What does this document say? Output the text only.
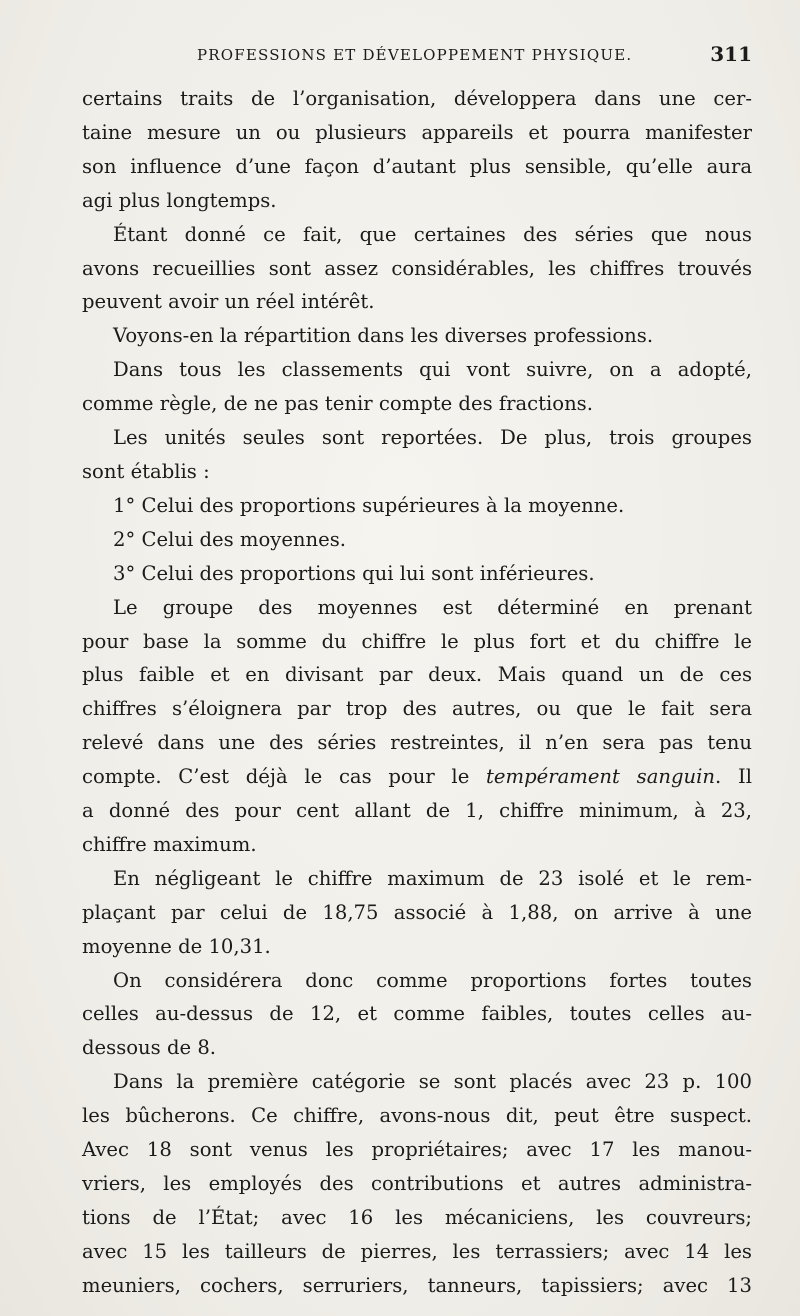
PROFESSIONS ET DÉVELOPPEMENT PHYSIQUE.	311

certains traits de l’organisation, développera dans une cer-
taine mesure un ou plusieurs appareils et pourra manifester
son influence d’une façon d’autant plus sensible, qu’elle aura
agi plus longtemps.

Étant donné ce fait, que certaines des séries que nous
avons recueillies sont assez considérables, les chiffres trouvés
peuvent avoir un réel intérêt.

Voyons-en la répartition dans les diverses professions.

Dans tous les classements qui vont suivre, on a adopté,
comme règle, de ne pas tenir compte des fractions.

Les unités seules sont reportées. De plus, trois groupes
sont établis :

1° Celui des proportions supérieures à la moyenne.

2° Celui des moyennes.

3° Celui des proportions qui lui sont inférieures.

Le groupe des moyennes est déterminé en prenant
pour base la somme du chiffre le plus fort et du chiffre le
plus faible et en divisant par deux. Mais quand un de ces
chiffres s’éloignera par trop des autres, ou que le fait sera
relevé dans une des séries restreintes, il n’en sera pas tenu
compte. C’est déjà le cas pour le tempérament sanguin. Il
a donné des pour cent allant de 1, chiffre minimum, à 23,
chiffre maximum.

En négligeant le chiffre maximum de 23 isolé et le rem-
plaçant par celui de 18,75 associé à 1,88, on arrive à une
moyenne de 10,31.

On considérera donc comme proportions fortes toutes
celles au-dessus de 12, et comme faibles, toutes celles au-
dessous de 8.

Dans la première catégorie se sont placés avec 23 p. 100
les bûcherons. Ce chiffre, avons-nous dit, peut être suspect.
Avec 18 sont venus les propriétaires; avec 17 les manou-
vriers, les employés des contributions et autres administra-
tions de l’État; avec 16 les mécaniciens, les couvreurs;
avec 15 les tailleurs de pierres, les terrassiers; avec 14 les
meuniers, cochers, serruriers, tanneurs, tapissiers; avec 13
